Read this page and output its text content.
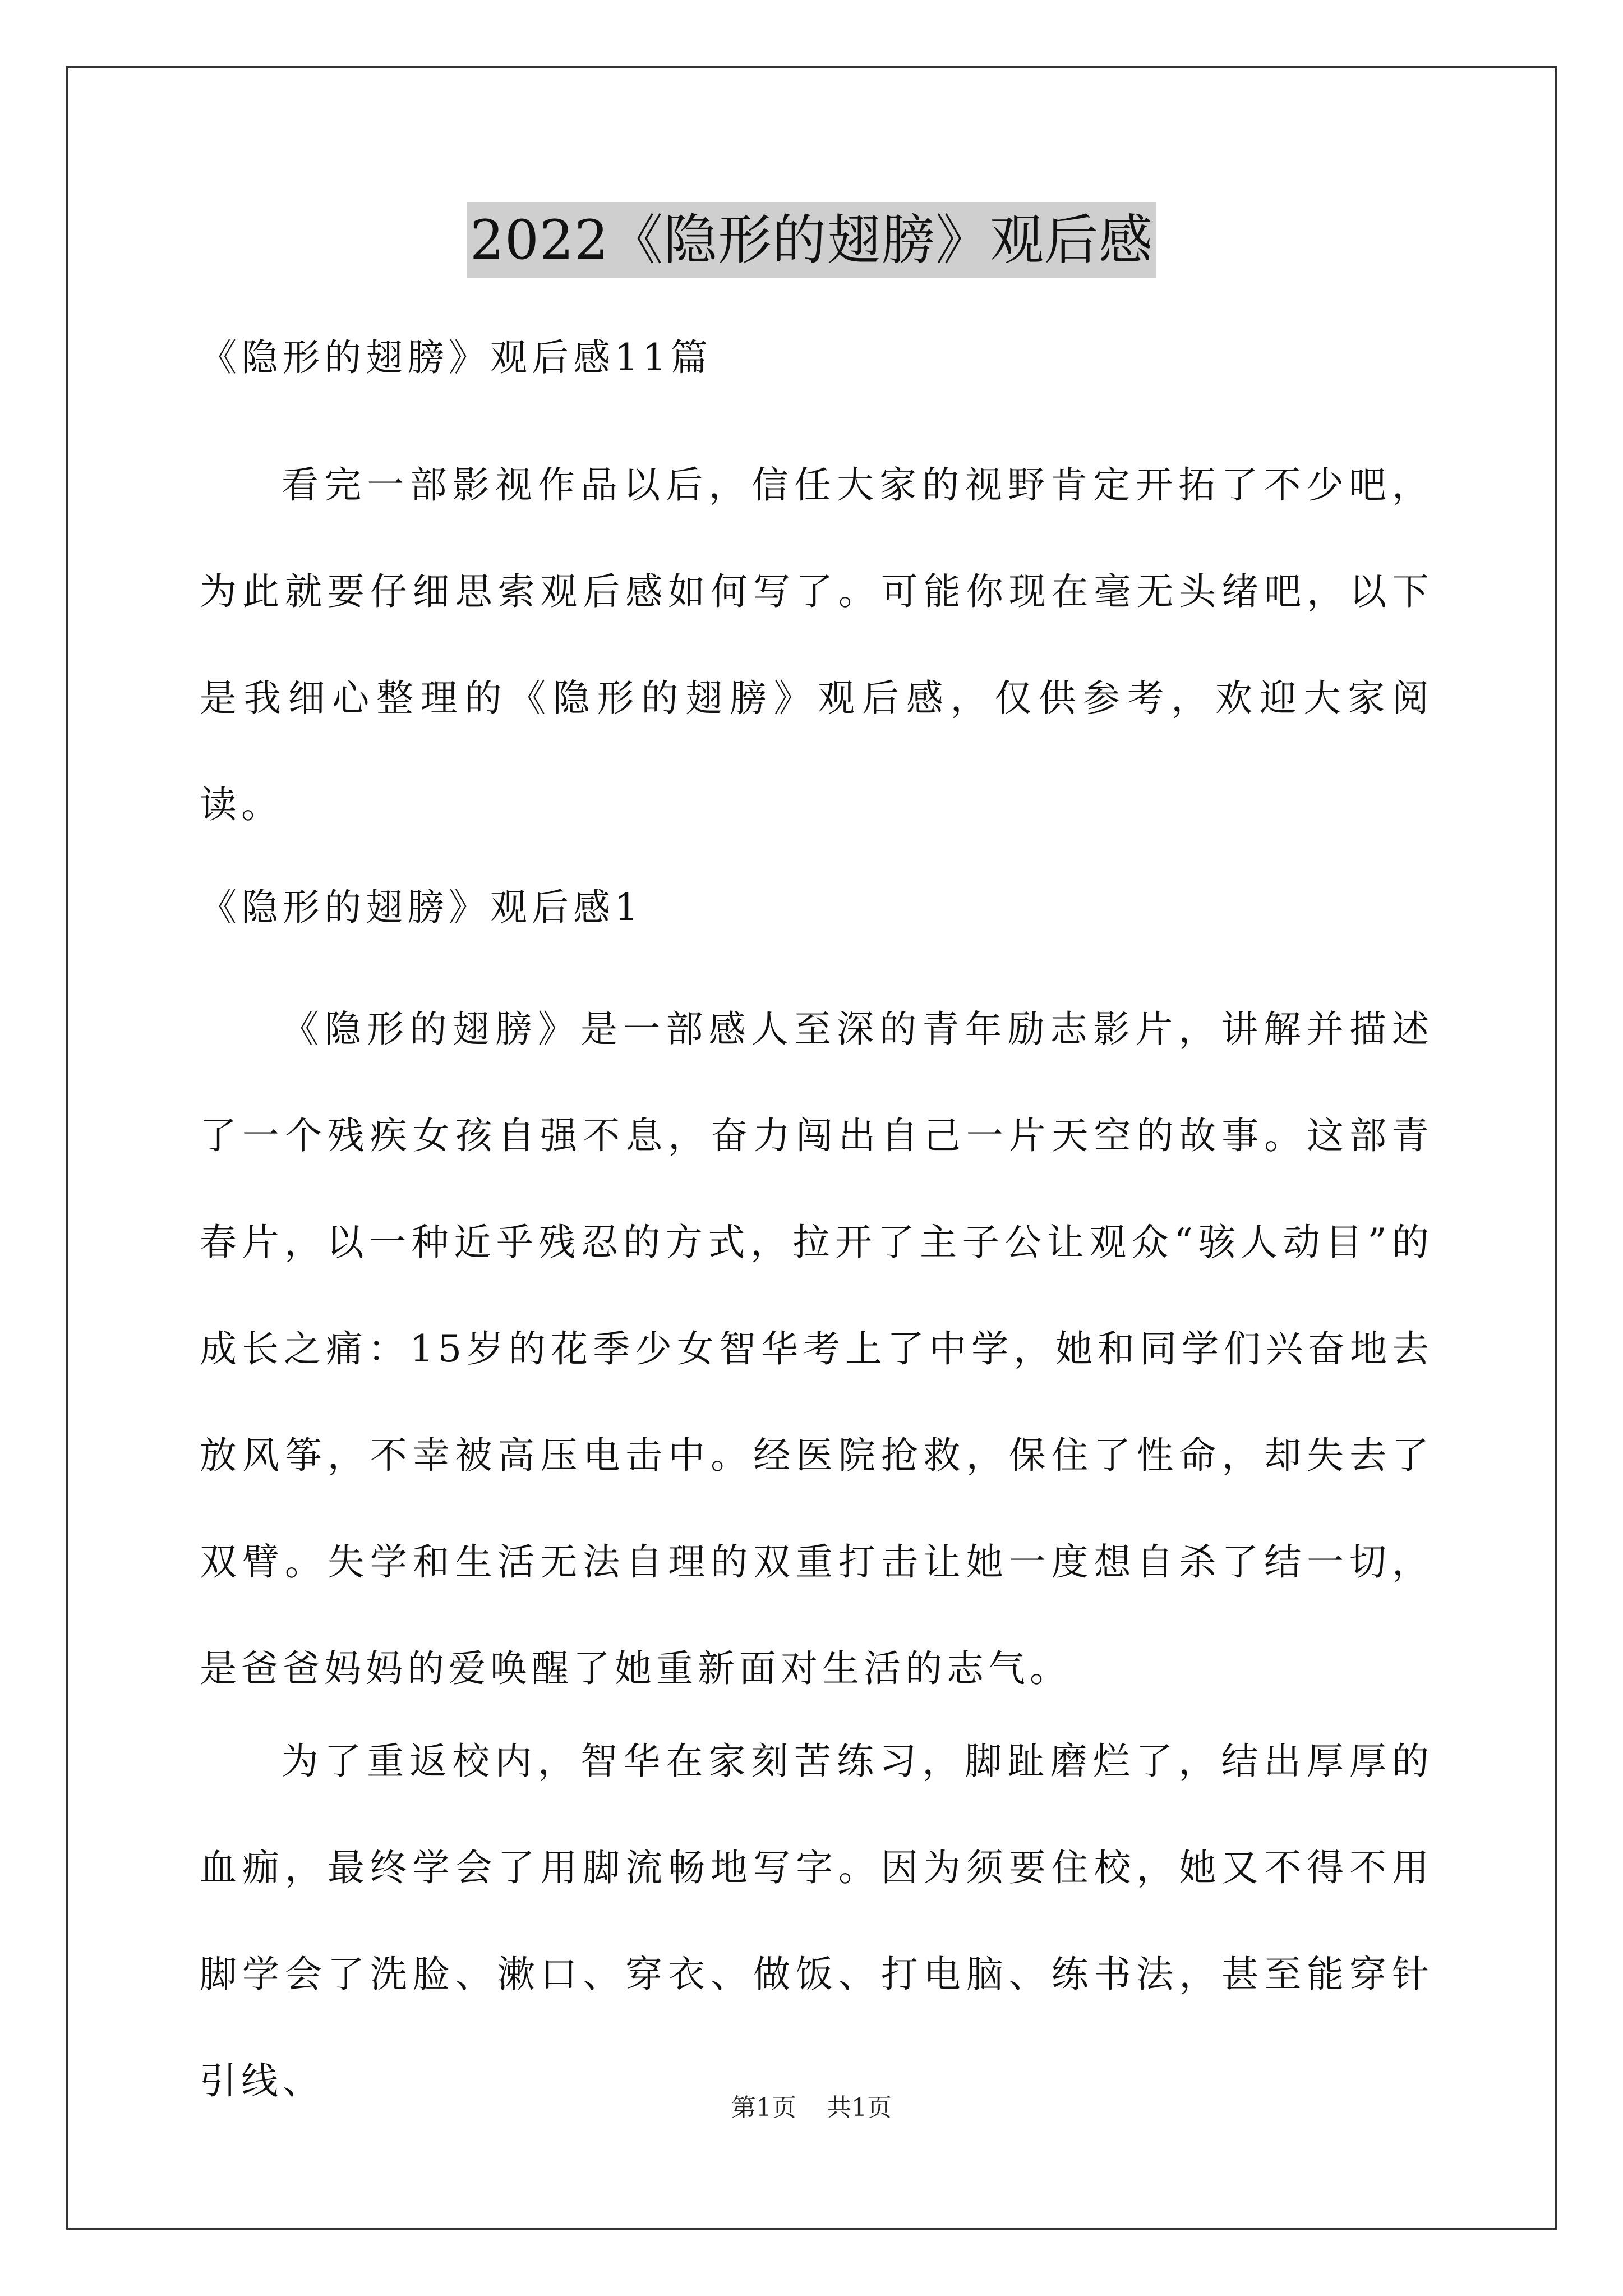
2022《隐形的翅膀》观后感
《隐形的翅膀》观后感11篇

看完一部影视作品以后，信任大家的视野肯定开拓了不少吧，为此就要仔细思索观后感如何写了。可能你现在毫无头绪吧，以下是我细心整理的《隐形的翅膀》观后感，仅供参考，欢迎大家阅读。

《隐形的翅膀》观后感1

《隐形的翅膀》是一部感人至深的青年励志影片，讲解并描述了一个残疾女孩自强不息，奋力闯出自己一片天空的故事。这部青春片，以一种近乎残忍的方式，拉开了主子公让观众“骇人动目”的成长之痛：15岁的花季少女智华考上了中学，她和同学们兴奋地去放风筝，不幸被高压电击中。经医院抢救，保住了性命，却失去了双臂。失学和生活无法自理的双重打击让她一度想自杀了结一切，是爸爸妈妈的爱唤醒了她重新面对生活的志气。

为了重返校内，智华在家刻苦练习，脚趾磨烂了，结出厚厚的血痂，最终学会了用脚流畅地写字。因为须要住校，她又不得不用脚学会了洗脸、漱口、穿衣、做饭、打电脑、练书法，甚至能穿针引线、

第1页 共1页
